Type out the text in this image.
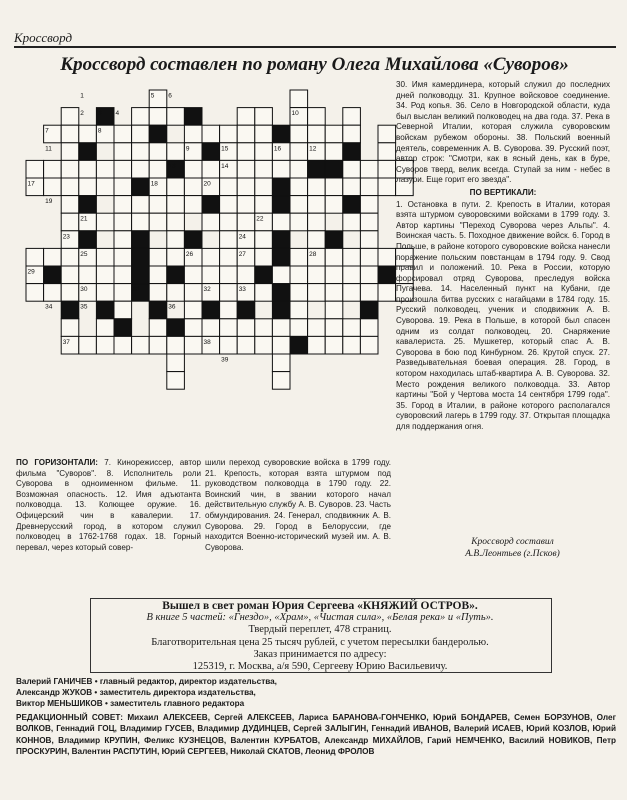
Кроссворд
Кроссворд составлен по роману Олега Михайлова «Суворов»
1
2 3 4
5 6
7	8
9
10
11	12
13	14
15	16
17	18
19
20
21	22
23	24
25	26	27	28
29
30	31	32	33
34	35	36
37	38
39
30. Имя камердинера, который служил до последних дней полководцу. 31. Крупное войсковое соединение. 34. Род копья. 36. Село в Новгородской области, куда был выслан великий полководец на два года. 37. Река в Северной Италии, которая служила суворовским войскам рубежом обороны. 38. Польский военный деятель, современник А. В. Суворова. 39. Русский поэт, автор строк: "Смотри, как в ясный день, как в буре, Суворов тверд, велик всегда. Ступай за ним - небес в лазури. Еще горит его звезда".
ПО ВЕРТИКАЛИ:
1. Остановка в пути. 2. Крепость в Италии, которая взята штурмом суворовскими войсками в 1799 году. 3. Автор картины "Переход Суворова через Альпы". 4. Воинская часть. 5. Походное движение войск. 6. Город в Польше, в районе которого суворовские войска нанесли поражение польским повстанцам в 1794 году. 9. Свод правил и положений. 10. Река в России, которую форсировал отряд Суворова, преследуя войска Пугачева. 14. Населенный пункт на Кубани, где произошла битва русских с нагайцами в 1784 году. 15. Русский полководец, ученик и сподвижник А. В. Суворова. 19. Река в Польше, в которой был спасен одним из солдат полководец. 20. Снаряжение кавалериста. 25. Мушкетер, который спас А. В. Суворова в бою под Кинбурном. 26. Крутой спуск. 27. Разведывательная боевая операция. 28. Город, в котором находилась штаб-квартира А. В. Суворова. 32. Место рождения великого полководца. 33. Автор картины "Бой у Чертова моста 14 сентября 1799 года". 35. Город в Италии, в районе которого располагался суворовский лагерь в 1799 году. 37. Открытая площадка для поддержания огня.
ПО ГОРИЗОНТАЛИ: 7. Кинорежиссер, автор фильма "Суворов". 8. Исполнитель роли Суворова в одноименном фильме. 11. Возможная опасность. 12. Имя адъютанта полководца. 13. Колющее оружие. 16. Офицерский чин в кавалерии. 17. Древнерусский город, в котором служил полководец в 1762-1768 годах. 18. Горный перевал, через который совер-
шили переход суворовские войска в 1799 году. 21. Крепость, которая взята штурмом под руководством полководца в 1790 году. 22. Воинский чин, в звании которого начал действительную службу А. В. Суворов. 23. Часть обмундирования. 24. Генерал, сподвижник А. В. Суворова. 29. Город в Белоруссии, где находится Военно-исторический музей им. А. В. Суворова.
Кроссворд составил
А.В.Леонтьев (г.Псков)
Вышел в свет роман Юрия Сергеева «КНЯЖИЙ ОСТРОВ».
В книге 5 частей: «Гнездо», «Храм», «Чистая сила», «Белая река» и «Путь».
Твердый переплет, 478 страниц.
Благотворительная цена 25 тысяч рублей, с учетом пересылки бандеролью.
Заказ принимается по адресу:
125319, г. Москва, а/я 590, Сергееву Юрию Васильевичу.
Валерий ГАНИЧЕВ • главный редактор, директор издательства,
Александр ЖУКОВ • заместитель директора издательства,
Виктор МЕНЬШИКОВ • заместитель главного редактора
РЕДАКЦИОННЫЙ СОВЕТ: Михаил АЛЕКСЕЕВ, Сергей АЛЕКСЕЕВ, Лариса БАРАНОВА-ГОНЧЕНКО, Юрий БОНДАРЕВ, Семен БОРЗУНОВ, Олег ВОЛКОВ, Геннадий ГОЦ, Владимир ГУСЕВ, Владимир ДУДИНЦЕВ, Сергей ЗАЛЫГИН, Геннадий ИВАНОВ, Валерий ИСАЕВ, Юрий КОЗЛОВ, Юрий КОННОВ, Владимир КРУПИН, Феликс КУЗНЕЦОВ, Валентин КУРБАТОВ, Александр МИХАЙЛОВ, Гарий НЕМЧЕНКО, Василий НОВИКОВ, Петр ПРОСКУРИН, Валентин РАСПУТИН, Юрий СЕРГЕЕВ, Николай СКАТОВ, Леонид ФРОЛОВ
